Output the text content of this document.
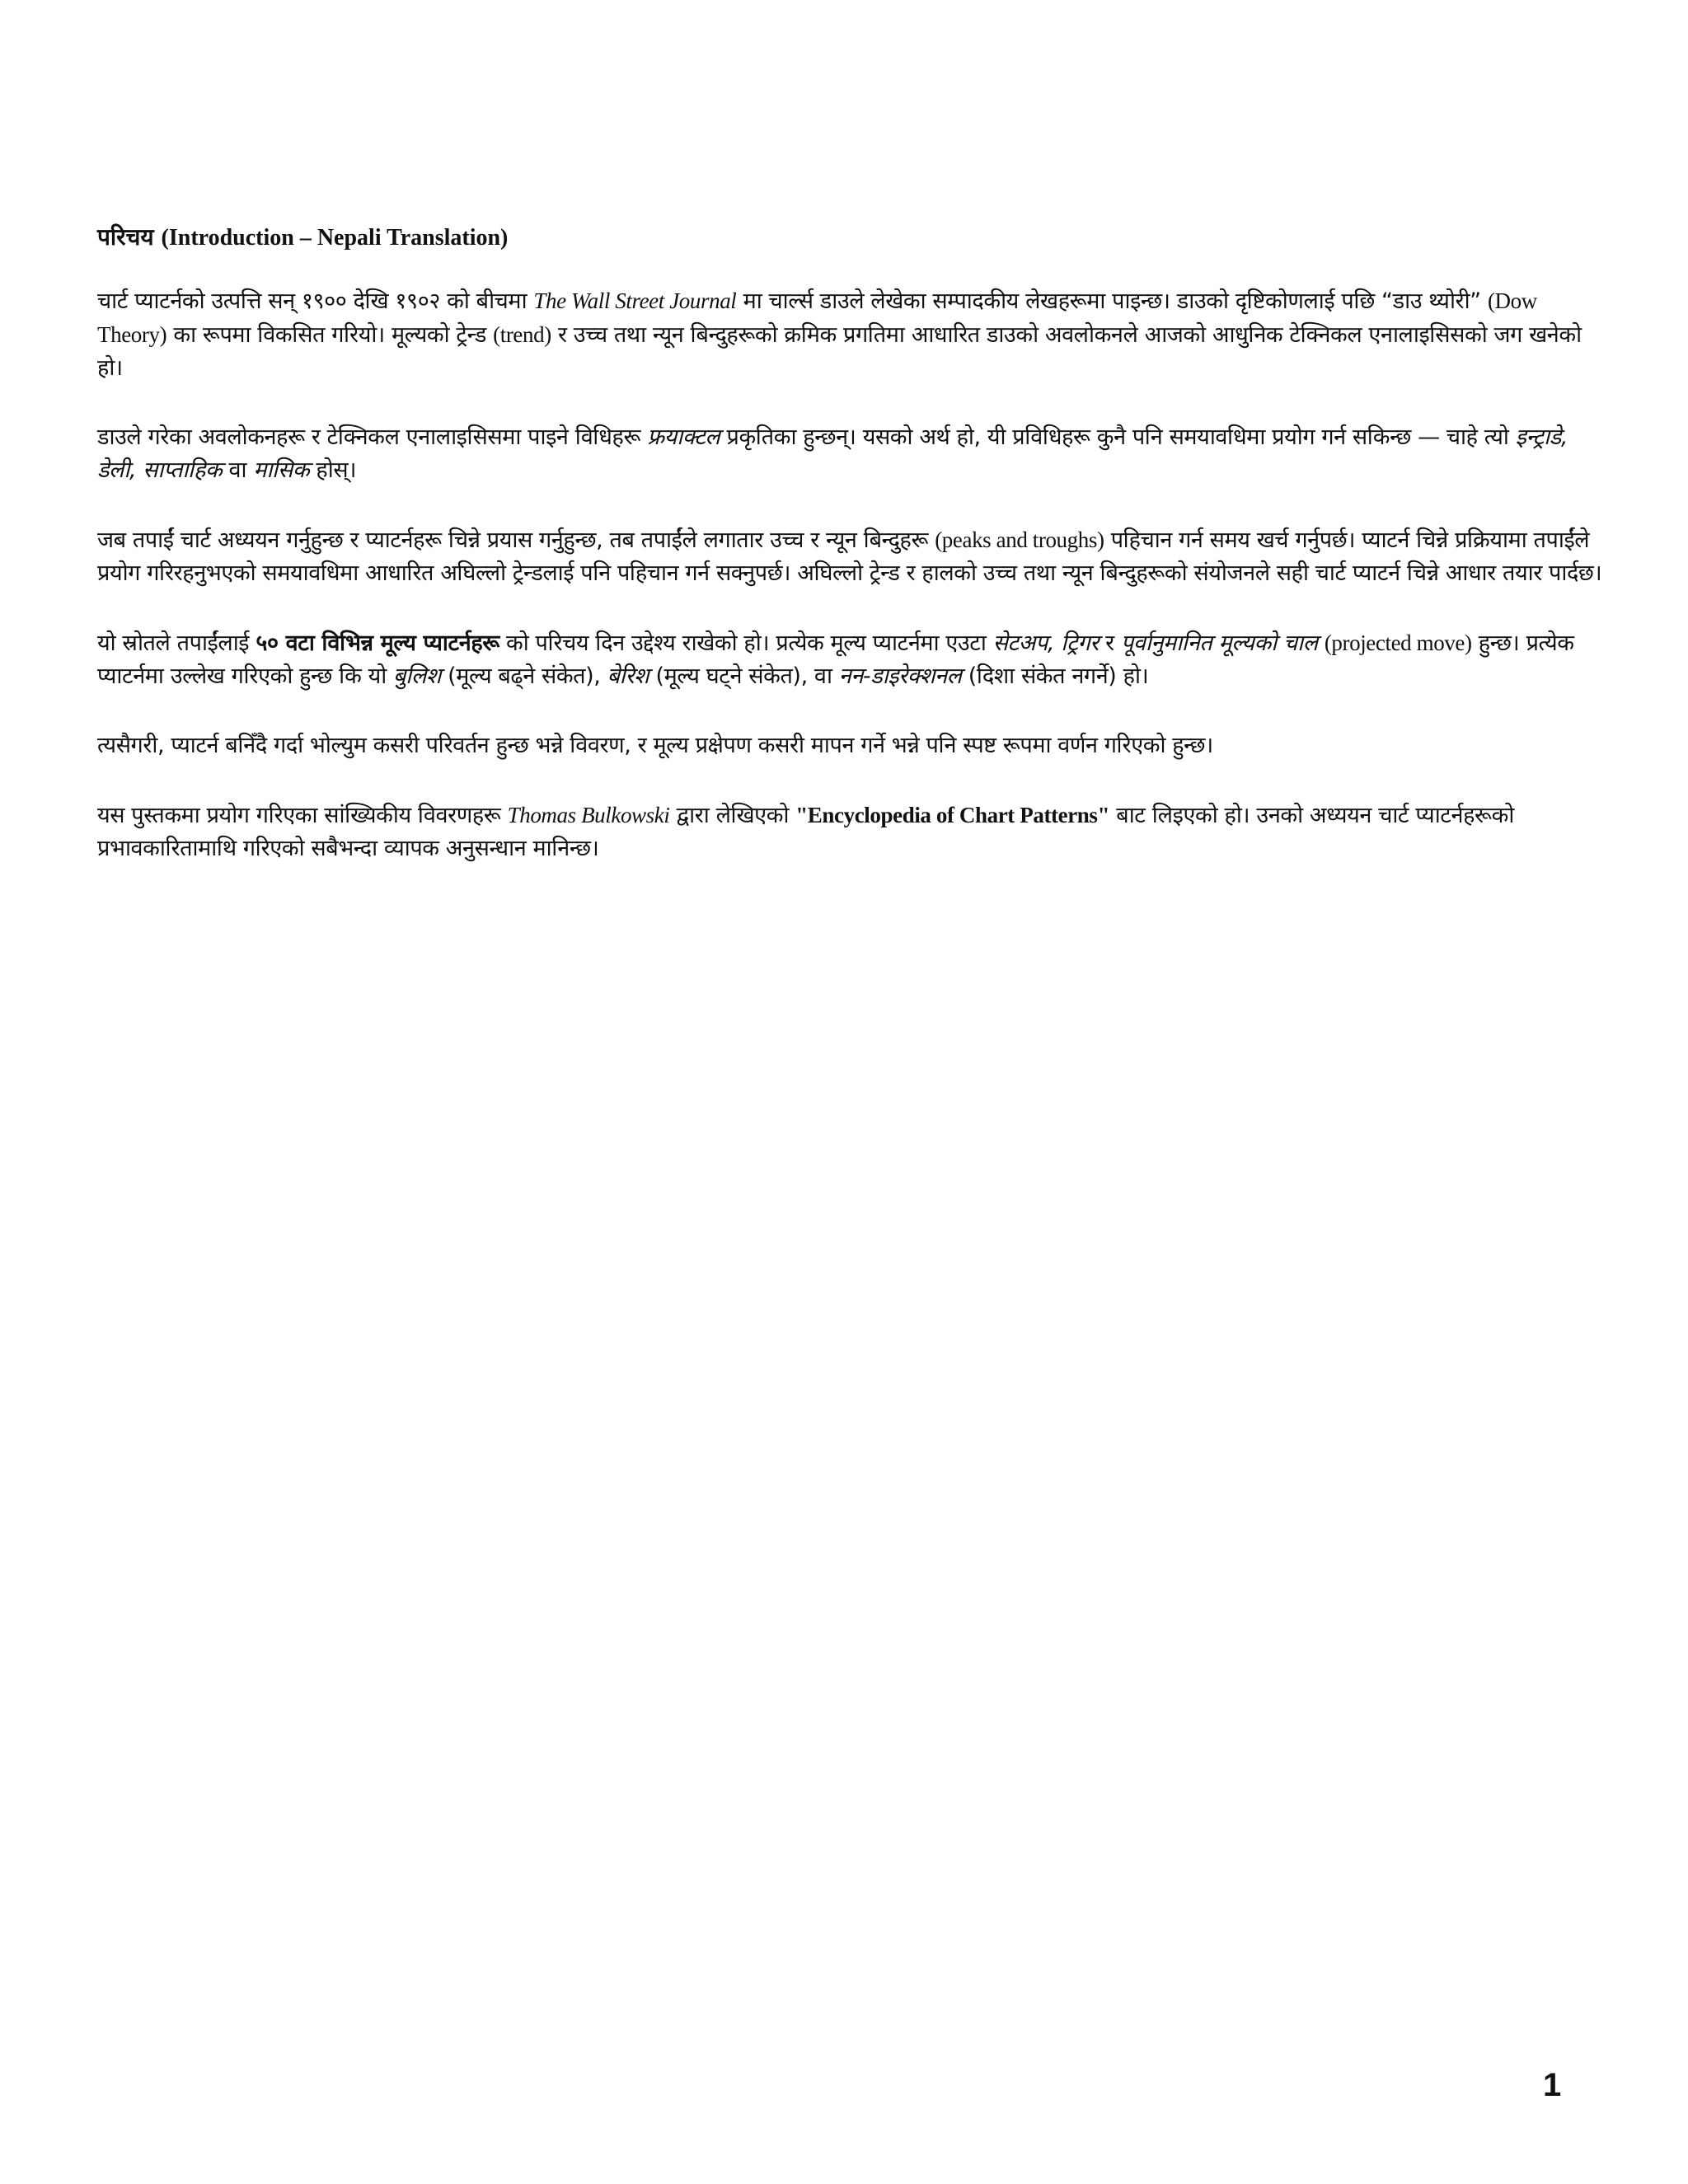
परिचय (Introduction – Nepali Translation)

चार्ट प्याटर्नको उत्पत्ति सन् १९०० देखि १९०२ को बीचमा The Wall Street Journal मा चार्ल्स डाउले लेखेका सम्पादकीय लेखहरूमा पाइन्छ। डाउको दृष्टिकोणलाई पछि “डाउ थ्योरी” (Dow Theory) का रूपमा विकसित गरियो। मूल्यको ट्रेन्ड (trend) र उच्च तथा न्यून बिन्दुहरूको क्रमिक प्रगतिमा आधारित डाउको अवलोकनले आजको आधुनिक टेक्निकल एनालाइसिसको जग खनेको हो।

डाउले गरेका अवलोकनहरू र टेक्निकल एनालाइसिसमा पाइने विधिहरू फ्रयाक्टल प्रकृतिका हुन्छन्। यसको अर्थ हो, यी प्रविधिहरू कुनै पनि समयावधिमा प्रयोग गर्न सकिन्छ — चाहे त्यो इन्ट्राडे, डेली, साप्ताहिक वा मासिक होस्।

जब तपाईं चार्ट अध्ययन गर्नुहुन्छ र प्याटर्नहरू चिन्ने प्रयास गर्नुहुन्छ, तब तपाईंले लगातार उच्च र न्यून बिन्दुहरू (peaks and troughs) पहिचान गर्न समय खर्च गर्नुपर्छ। प्याटर्न चिन्ने प्रक्रियामा तपाईंले प्रयोग गरिरहनुभएको समयावधिमा आधारित अघिल्लो ट्रेन्डलाई पनि पहिचान गर्न सक्नुपर्छ। अघिल्लो ट्रेन्ड र हालको उच्च तथा न्यून बिन्दुहरूको संयोजनले सही चार्ट प्याटर्न चिन्ने आधार तयार पार्दछ।

यो स्रोतले तपाईंलाई ५० वटा विभिन्न मूल्य प्याटर्नहरू को परिचय दिन उद्देश्य राखेको हो। प्रत्येक मूल्य प्याटर्नमा एउटा सेटअप, ट्रिगर र पूर्वानुमानित मूल्यको चाल (projected move) हुन्छ। प्रत्येक प्याटर्नमा उल्लेख गरिएको हुन्छ कि यो बुलिश (मूल्य बढ्ने संकेत), बेरिश (मूल्य घट्ने संकेत), वा नन-डाइरेक्शनल (दिशा संकेत नगर्ने) हो।

त्यसैगरी, प्याटर्न बनिँदै गर्दा भोल्युम कसरी परिवर्तन हुन्छ भन्ने विवरण, र मूल्य प्रक्षेपण कसरी मापन गर्ने भन्ने पनि स्पष्ट रूपमा वर्णन गरिएको हुन्छ।

यस पुस्तकमा प्रयोग गरिएका सांख्यिकीय विवरणहरू Thomas Bulkowski द्वारा लेखिएको "Encyclopedia of Chart Patterns" बाट लिइएको हो। उनको अध्ययन चार्ट प्याटर्नहरूको प्रभावकारितामाथि गरिएको सबैभन्दा व्यापक अनुसन्धान मानिन्छ।

1
